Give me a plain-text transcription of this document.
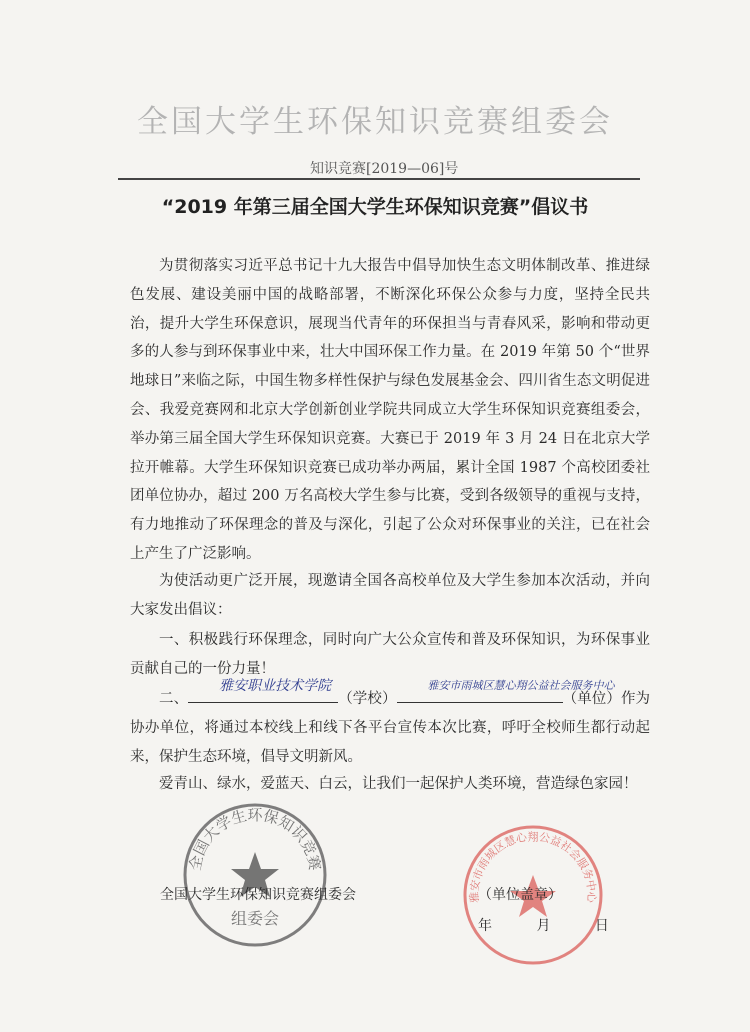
全国大学生环保知识竞赛组委会
知识竞赛[2019—06]号
“2019 年第三届全国大学生环保知识竞赛”倡议书

为贯彻落实习近平总书记十九大报告中倡导加快生态文明体制改革、推进绿色发展、建设美丽中国的战略部署，不断深化环保公众参与力度，坚持全民共治，提升大学生环保意识，展现当代青年的环保担当与青春风采，影响和带动更多的人参与到环保事业中来，壮大中国环保工作力量。在 2019 年第 50 个“世界地球日”来临之际，中国生物多样性保护与绿色发展基金会、四川省生态文明促进会、我爱竞赛网和北京大学创新创业学院共同成立大学生环保知识竞赛组委会，举办第三届全国大学生环保知识竞赛。大赛已于 2019 年 3 月 24 日在北京大学拉开帷幕。大学生环保知识竞赛已成功举办两届，累计全国 1987 个高校团委社团单位协办，超过 200 万名高校大学生参与比赛，受到各级领导的重视与支持，有力地推动了环保理念的普及与深化，引起了公众对环保事业的关注，已在社会上产生了广泛影响。

为使活动更广泛开展，现邀请全国各高校单位及大学生参加本次活动，并向大家发出倡议：

一、积极践行环保理念，同时向广大公众宣传和普及环保知识，为环保事业贡献自己的一份力量！

二、
雅安职业技术学院
（学校）
雅安市雨城区慧心翔公益社会服务中心
（单位）作为协办单位，将通过本校线上和线下各平台宣传本次比赛，呼吁全校师生都行动起来，保护生态环境，倡导文明新风。

爱青山、绿水，爱蓝天、白云，让我们一起保护人类环境，营造绿色家园！

全国大学生环保知识竞赛
组委会
雅安市雨城区慧心翔公益社会服务中心
全国大学生环保知识竞赛组委会	（单位盖章）
年	月	日
